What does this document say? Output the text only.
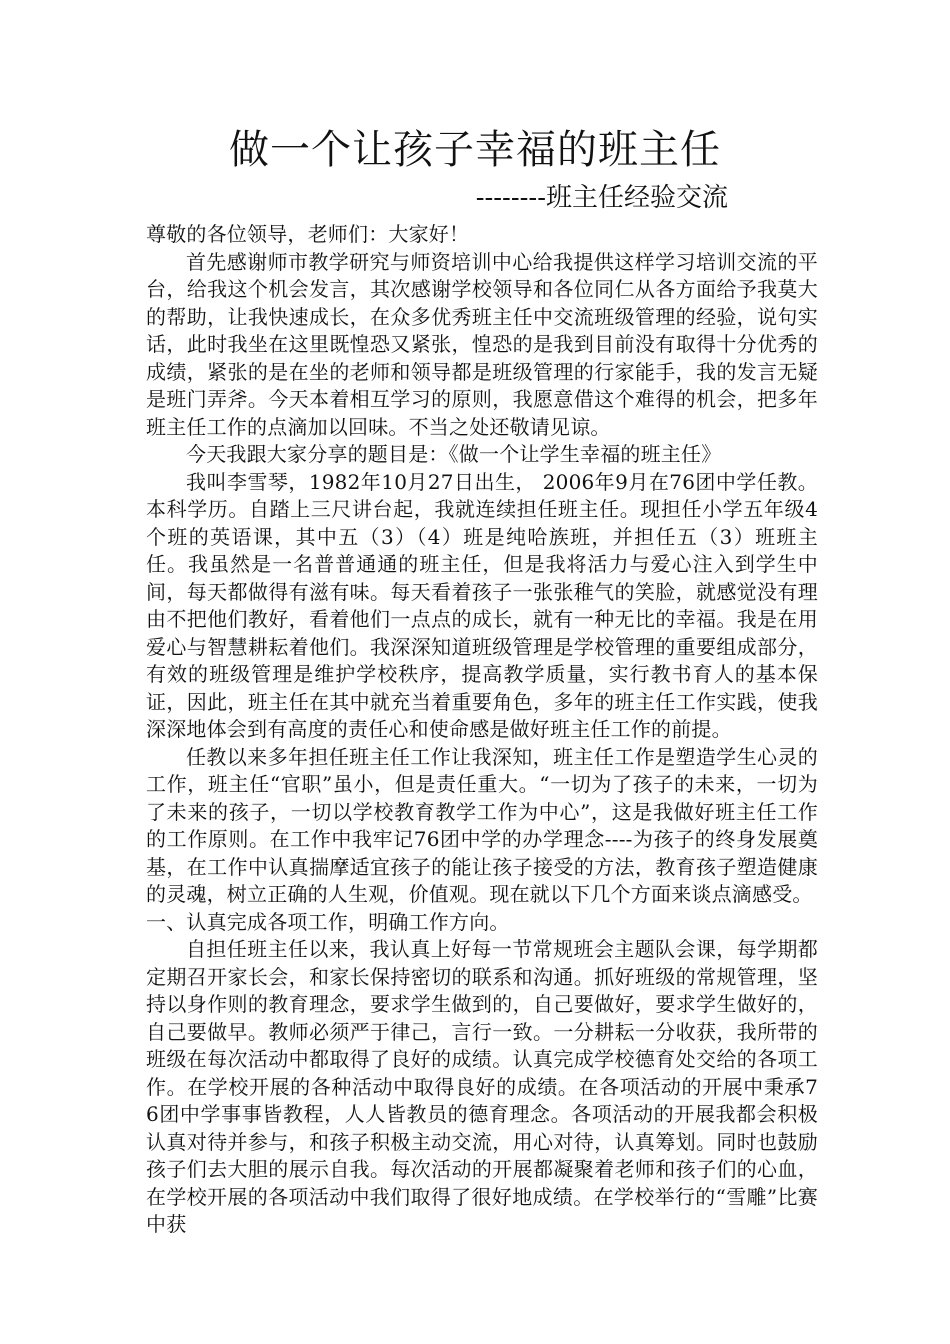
做一个让孩子幸福的班主任
--------班主任经验交流

尊敬的各位领导，老师们：大家好！

首先感谢师市教学研究与师资培训中心给我提供这样学习培训交流的平台，给我这个机会发言，其次感谢学校领导和各位同仁从各方面给予我莫大的帮助，让我快速成长，在众多优秀班主任中交流班级管理的经验，说句实话，此时我坐在这里既惶恐又紧张，惶恐的是我到目前没有取得十分优秀的成绩，紧张的是在坐的老师和领导都是班级管理的行家能手，我的发言无疑是班门弄斧。今天本着相互学习的原则，我愿意借这个难得的机会，把多年班主任工作的点滴加以回味。不当之处还敬请见谅。

今天我跟大家分享的题目是：《做一个让学生幸福的班主任》

我叫李雪琴，1982年10月27日出生， 2006年9月在76团中学任教。本科学历。自踏上三尺讲台起，我就连续担任班主任。现担任小学五年级4个班的英语课，其中五（3）（4）班是纯哈族班，并担任五（3）班班主任。我虽然是一名普普通通的班主任，但是我将活力与爱心注入到学生中间，每天都做得有滋有味。每天看着孩子一张张稚气的笑脸，就感觉没有理由不把他们教好，看着他们一点点的成长，就有一种无比的幸福。我是在用爱心与智慧耕耘着他们。我深深知道班级管理是学校管理的重要组成部分，有效的班级管理是维护学校秩序，提高教学质量，实行教书育人的基本保证，因此，班主任在其中就充当着重要角色，多年的班主任工作实践，使我深深地体会到有高度的责任心和使命感是做好班主任工作的前提。

任教以来多年担任班主任工作让我深知，班主任工作是塑造学生心灵的工作，班主任“官职”虽小，但是责任重大。“一切为了孩子的未来，一切为了未来的孩子，一切以学校教育教学工作为中心”，这是我做好班主任工作的工作原则。在工作中我牢记76团中学的办学理念----为孩子的终身发展奠基，在工作中认真揣摩适宜孩子的能让孩子接受的方法，教育孩子塑造健康的灵魂，树立正确的人生观，价值观。现在就以下几个方面来谈点滴感受。

一、认真完成各项工作，明确工作方向。

自担任班主任以来，我认真上好每一节常规班会主题队会课，每学期都定期召开家长会，和家长保持密切的联系和沟通。抓好班级的常规管理，坚持以身作则的教育理念，要求学生做到的，自己要做好，要求学生做好的，自己要做早。教师必须严于律己，言行一致。一分耕耘一分收获，我所带的班级在每次活动中都取得了良好的成绩。认真完成学校德育处交给的各项工作。在学校开展的各种活动中取得良好的成绩。在各项活动的开展中秉承76团中学事事皆教程，人人皆教员的德育理念。各项活动的开展我都会积极认真对待并参与，和孩子积极主动交流，用心对待，认真筹划。同时也鼓励孩子们去大胆的展示自我。每次活动的开展都凝聚着老师和孩子们的心血，在学校开展的各项活动中我们取得了很好地成绩。在学校举行的“雪雕”比赛中获
